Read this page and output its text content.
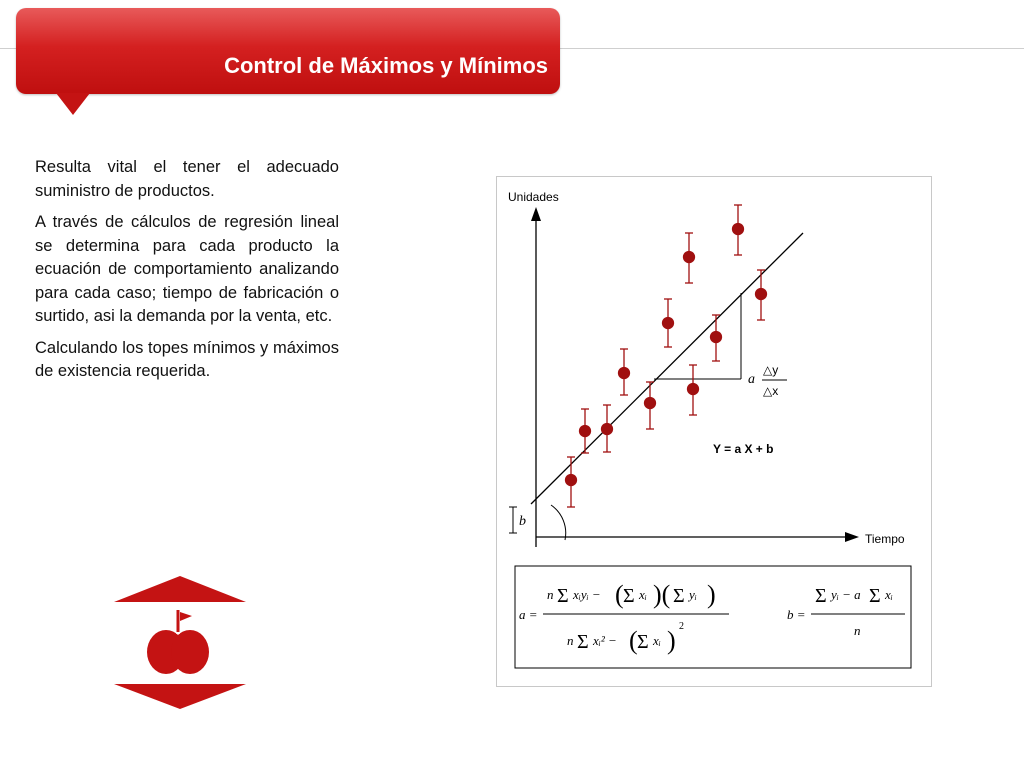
Control de Máximos y Mínimos

Resulta vital el tener el adecuado suministro de productos.

A través de cálculos de regresión lineal se determina para cada producto la ecuación de comportamiento analizando para cada caso; tiempo de fabricación o surtido, asi la demanda por la venta, etc.

Calculando los topes mínimos y máximos de existencia requerida.

Unidades
Tiempo
b
a
△y
△x
Y = a X + b
a =
n Σ xᵢyᵢ − ( Σ xᵢ )( Σ yᵢ )
n Σ xᵢ² − ( Σ xᵢ ) 2
b =
Σ yᵢ − a Σ xᵢ
n
